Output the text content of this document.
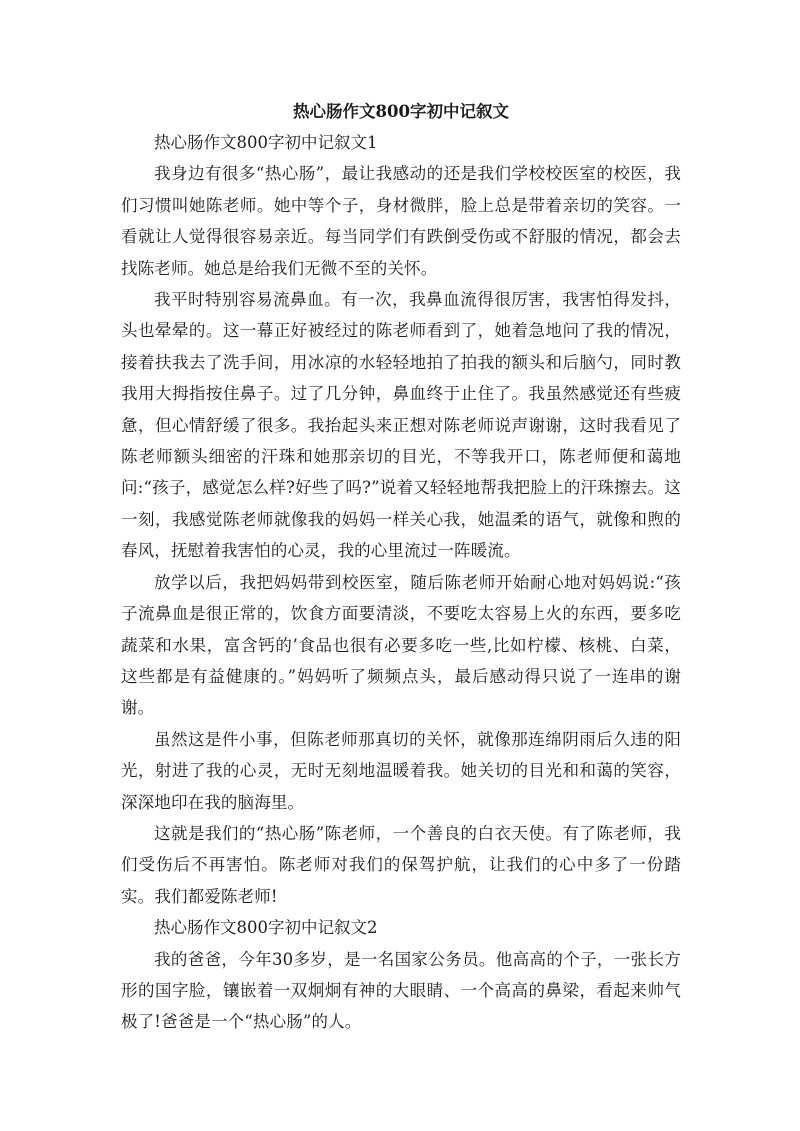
热心肠作文800字初中记叙文

热心肠作文800字初中记叙文1

我身边有很多“热心肠”，最让我感动的还是我们学校校医室的校医，我们习惯叫她陈老师。她中等个子，身材微胖，脸上总是带着亲切的笑容。一看就让人觉得很容易亲近。每当同学们有跌倒受伤或不舒服的情况，都会去找陈老师。她总是给我们无微不至的关怀。

我平时特别容易流鼻血。有一次，我鼻血流得很厉害，我害怕得发抖，头也晕晕的。这一幕正好被经过的陈老师看到了，她着急地问了我的情况，接着扶我去了洗手间，用冰凉的水轻轻地拍了拍我的额头和后脑勺，同时教我用大拇指按住鼻子。过了几分钟，鼻血终于止住了。我虽然感觉还有些疲惫，但心情舒缓了很多。我抬起头来正想对陈老师说声谢谢，这时我看见了陈老师额头细密的汗珠和她那亲切的目光，不等我开口，陈老师便和蔼地问:“孩子，感觉怎么样?好些了吗?”说着又轻轻地帮我把脸上的汗珠擦去。这一刻，我感觉陈老师就像我的妈妈一样关心我，她温柔的语气，就像和煦的春风，抚慰着我害怕的心灵，我的心里流过一阵暖流。

放学以后，我把妈妈带到校医室，随后陈老师开始耐心地对妈妈说:“孩子流鼻血是很正常的，饮食方面要清淡，不要吃太容易上火的东西，要多吃蔬菜和水果，富含钙的’食品也很有必要多吃一些,比如柠檬、核桃、白菜，这些都是有益健康的。”妈妈听了频频点头，最后感动得只说了一连串的谢谢。

虽然这是件小事，但陈老师那真切的关怀，就像那连绵阴雨后久违的阳光，射进了我的心灵，无时无刻地温暖着我。她关切的目光和和蔼的笑容，深深地印在我的脑海里。

这就是我们的“热心肠”陈老师，一个善良的白衣天使。有了陈老师，我们受伤后不再害怕。陈老师对我们的保驾护航，让我们的心中多了一份踏实。我们都爱陈老师!

热心肠作文800字初中记叙文2

我的爸爸，今年30多岁，是一名国家公务员。他高高的个子，一张长方形的国字脸，镶嵌着一双炯炯有神的大眼睛、一个高高的鼻梁，看起来帅气极了!爸爸是一个“热心肠”的人。
